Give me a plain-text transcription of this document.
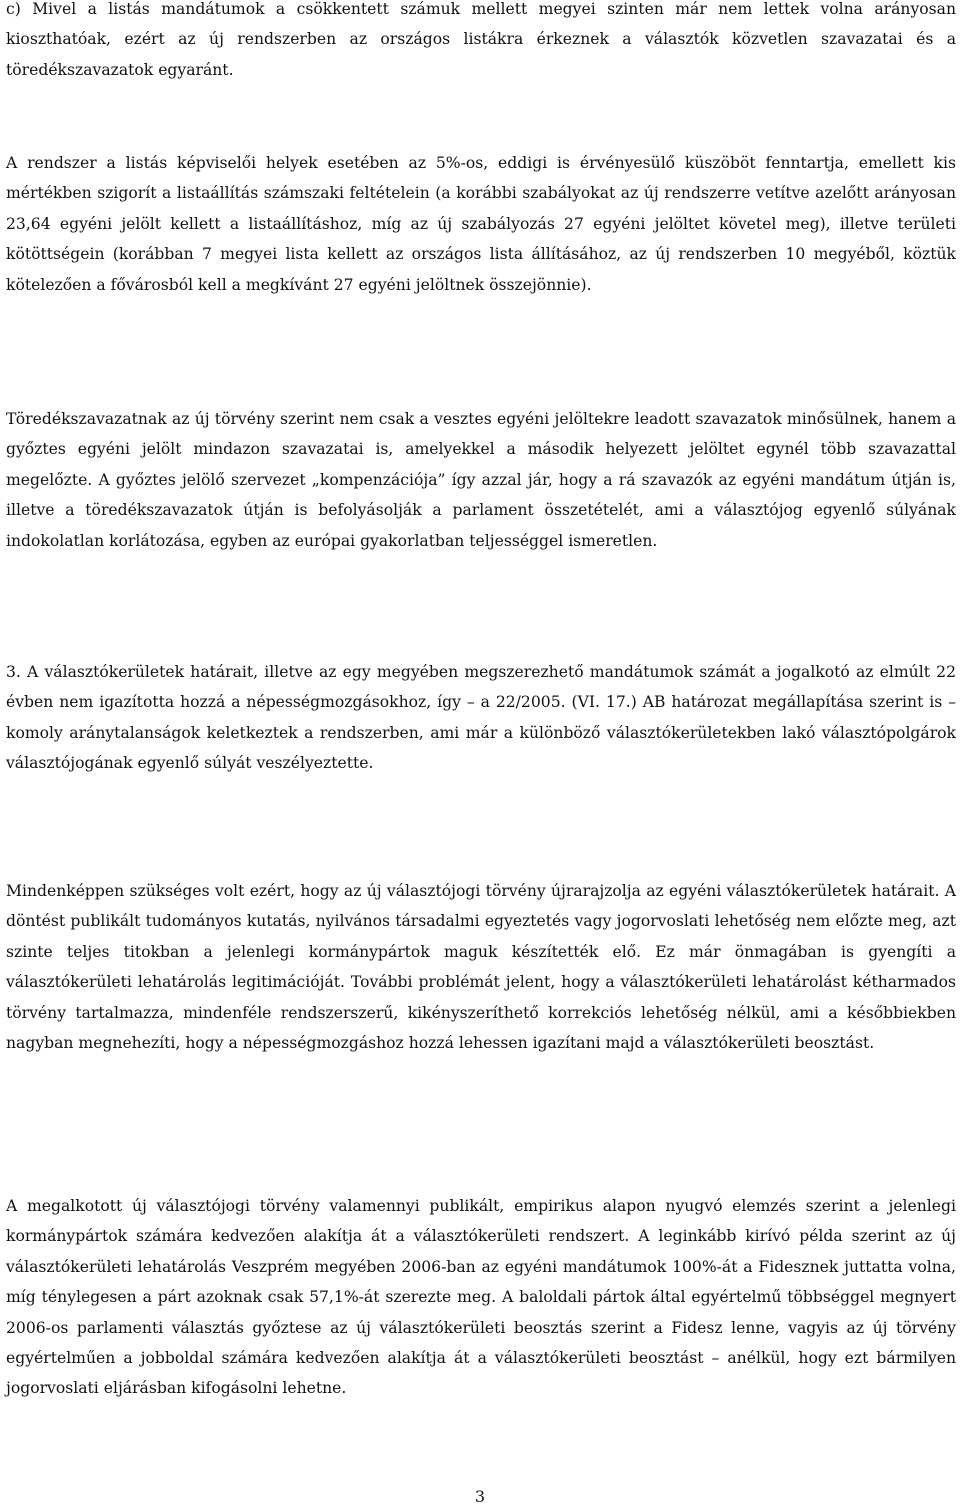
c) Mivel a listás mandátumok a csökkentett számuk mellett megyei szinten már nem lettek volna arányosan kioszthatóak, ezért az új rendszerben az országos listákra érkeznek a választók közvetlen szavazatai és a töredékszavazatok egyaránt.

A rendszer a listás képviselői helyek esetében az 5%-os, eddigi is érvényesülő küszöböt fenntartja, emellett kis mértékben szigorít a listaállítás számszaki feltételein (a korábbi szabályokat az új rendszerre vetítve azelőtt arányosan 23,64 egyéni jelölt kellett a listaállításhoz, míg az új szabályozás 27 egyéni jelöltet követel meg), illetve területi kötöttségein (korábban 7 megyei lista kellett az országos lista állításához, az új rendszerben 10 megyéből, köztük kötelezően a fővárosból kell a megkívánt 27 egyéni jelöltnek összejönnie).

Töredékszavazatnak az új törvény szerint nem csak a vesztes egyéni jelöltekre leadott szavazatok minősülnek, hanem a győztes egyéni jelölt mindazon szavazatai is, amelyekkel a második helyezett jelöltet egynél több szavazattal megelőzte. A győztes jelölő szervezet „kompenzációja” így azzal jár, hogy a rá szavazók az egyéni mandátum útján is, illetve a töredékszavazatok útján is befolyásolják a parlament összetételét, ami a választójog egyenlő súlyának indokolatlan korlátozása, egyben az európai gyakorlatban teljességgel ismeretlen.

3. A választókerületek határait, illetve az egy megyében megszerezhető mandátumok számát a jogalkotó az elmúlt 22 évben nem igazította hozzá a népességmozgásokhoz, így – a 22/2005. (VI. 17.) AB határozat megállapítása szerint is – komoly aránytalanságok keletkeztek a rendszerben, ami már a különböző választókerületekben lakó választópolgárok választójogának egyenlő súlyát veszélyeztette.

Mindenképpen szükséges volt ezért, hogy az új választójogi törvény újrarajzolja az egyéni választókerületek határait. A döntést publikált tudományos kutatás, nyilvános társadalmi egyeztetés vagy jogorvoslati lehetőség nem előzte meg, azt szinte teljes titokban a jelenlegi kormánypártok maguk készítették elő. Ez már önmagában is gyengíti a választókerületi lehatárolás legitimációját. További problémát jelent, hogy a választókerületi lehatárolást kétharmados törvény tartalmazza, mindenféle rendszerszerű, kikényszeríthető korrekciós lehetőség nélkül, ami a későbbiekben nagyban megnehezíti, hogy a népességmozgáshoz hozzá lehessen igazítani majd a választókerületi beosztást.

A megalkotott új választójogi törvény valamennyi publikált, empirikus alapon nyugvó elemzés szerint a jelenlegi kormánypártok számára kedvezően alakítja át a választókerületi rendszert. A leginkább kirívó példa szerint az új választókerületi lehatárolás Veszprém megyében 2006-ban az egyéni mandátumok 100%-át a Fidesznek juttatta volna, míg ténylegesen a párt azoknak csak 57,1%-át szerezte meg. A baloldali pártok által egyértelmű többséggel megnyert 2006-os parlamenti választás győztese az új választókerületi beosztás szerint a Fidesz lenne, vagyis az új törvény egyértelműen a jobboldal számára kedvezően alakítja át a választókerületi beosztást – anélkül, hogy ezt bármilyen jogorvoslati eljárásban kifogásolni lehetne.

3
